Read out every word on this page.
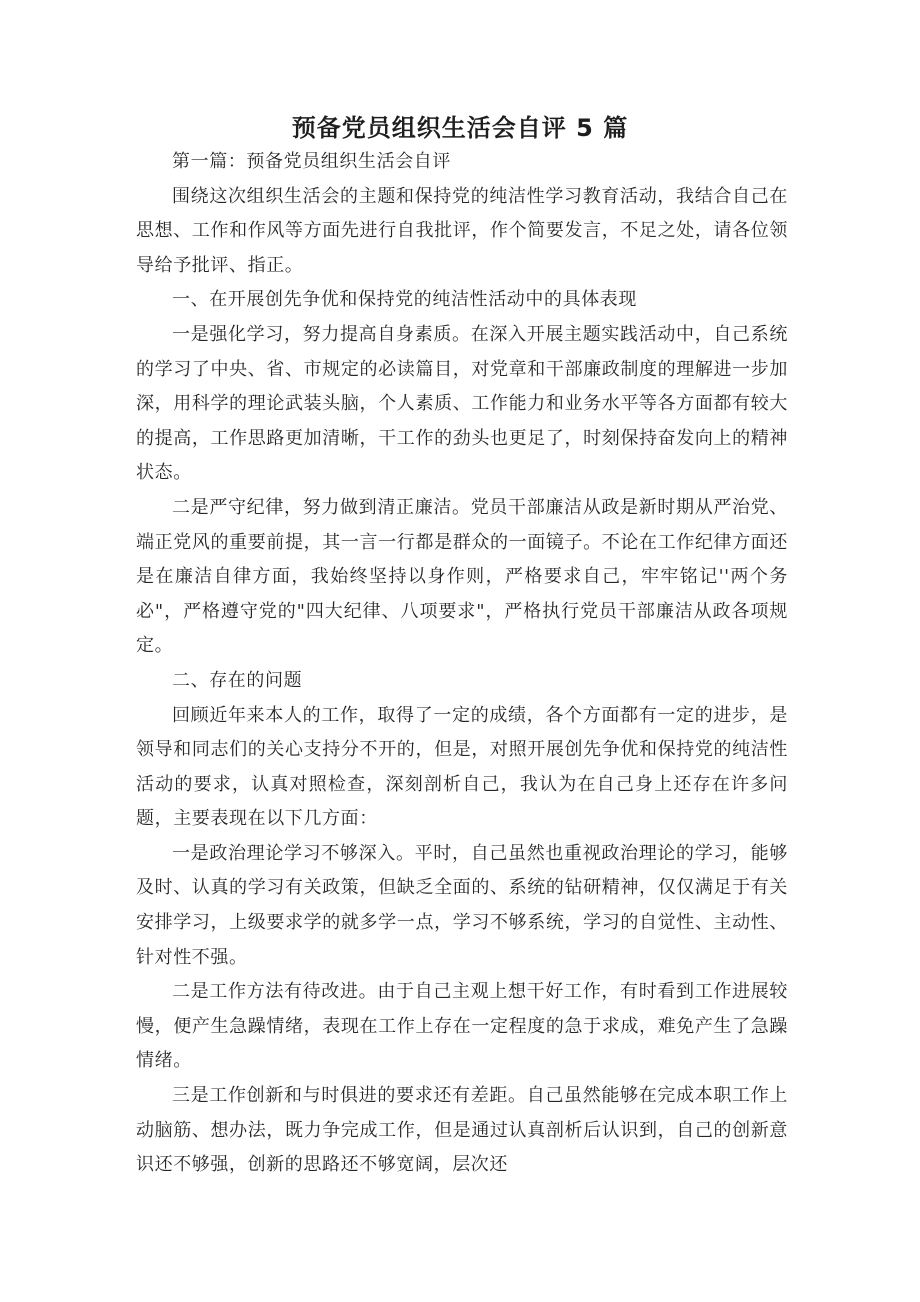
预备党员组织生活会自评 5 篇

第一篇：预备党员组织生活会自评

围绕这次组织生活会的主题和保持党的纯洁性学习教育活动，我结合自己在思想、工作和作风等方面先进行自我批评，作个简要发言，不足之处，请各位领导给予批评、指正。

一、在开展创先争优和保持党的纯洁性活动中的具体表现

一是强化学习，努力提高自身素质。在深入开展主题实践活动中，自己系统的学习了中央、省、市规定的必读篇目，对党章和干部廉政制度的理解进一步加深，用科学的理论武装头脑，个人素质、工作能力和业务水平等各方面都有较大的提高，工作思路更加清晰，干工作的劲头也更足了，时刻保持奋发向上的精神状态。

二是严守纪律，努力做到清正廉洁。党员干部廉洁从政是新时期从严治党、端正党风的重要前提，其一言一行都是群众的一面镜子。不论在工作纪律方面还是在廉洁自律方面，我始终坚持以身作则，严格要求自己，牢牢铭记''两个务必"，严格遵守党的"四大纪律、八项要求"，严格执行党员干部廉洁从政各项规定。

二、存在的问题

回顾近年来本人的工作，取得了一定的成绩，各个方面都有一定的进步，是领导和同志们的关心支持分不开的，但是，对照开展创先争优和保持党的纯洁性活动的要求，认真对照检查，深刻剖析自己，我认为在自己身上还存在许多问题，主要表现在以下几方面：

一是政治理论学习不够深入。平时，自己虽然也重视政治理论的学习，能够及时、认真的学习有关政策，但缺乏全面的、系统的钻研精神，仅仅满足于有关安排学习，上级要求学的就多学一点，学习不够系统，学习的自觉性、主动性、针对性不强。

二是工作方法有待改进。由于自己主观上想干好工作，有时看到工作进展较慢，便产生急躁情绪，表现在工作上存在一定程度的急于求成，难免产生了急躁情绪。

三是工作创新和与时俱进的要求还有差距。自己虽然能够在完成本职工作上动脑筋、想办法，既力争完成工作，但是通过认真剖析后认识到，自己的创新意识还不够强，创新的思路还不够宽阔，层次还
